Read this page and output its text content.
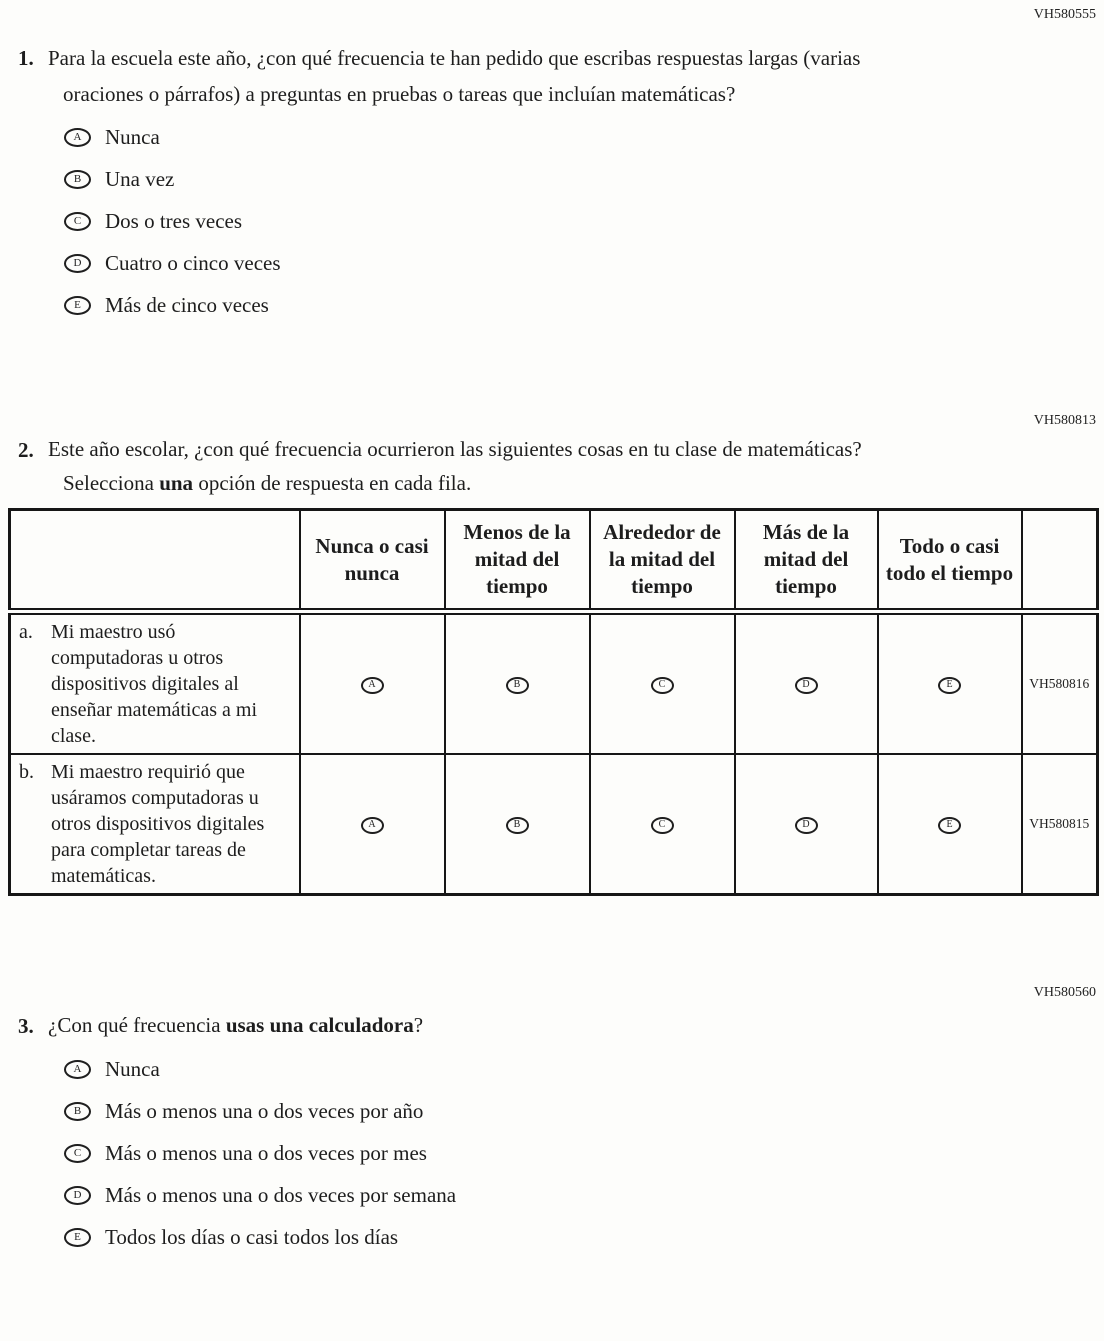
VH580555
1. Para la escuela este año, ¿con qué frecuencia te han pedido que escribas respuestas largas (varias oraciones o párrafos) a preguntas en pruebas o tareas que incluían matemáticas?

A	Nunca
B	Una vez
C	Dos o tres veces
D	Cuatro o cinco veces
E	Más de cinco veces
VH580813
2. Este año escolar, ¿con qué frecuencia ocurrieron las siguientes cosas en tu clase de matemáticas? Selecciona una opción de respuesta en cada fila.

	Nunca o casi nunca	Menos de la mitad del tiempo	Alrededor de la mitad del tiempo	Más de la mitad del tiempo	Todo o casi todo el tiempo	

a. Mi maestro usó computadoras u otros dispositivos digitales al enseñar matemáticas a mi clase.	A	B	C	D	E	VH580816

b. Mi maestro requirió que usáramos computadoras u otros dispositivos digitales para completar tareas de matemáticas.	A	B	C	D	E	VH580815
VH580560
3. ¿Con qué frecuencia usas una calculadora?

A	Nunca
B	Más o menos una o dos veces por año
C	Más o menos una o dos veces por mes
D	Más o menos una o dos veces por semana
E	Todos los días o casi todos los días
